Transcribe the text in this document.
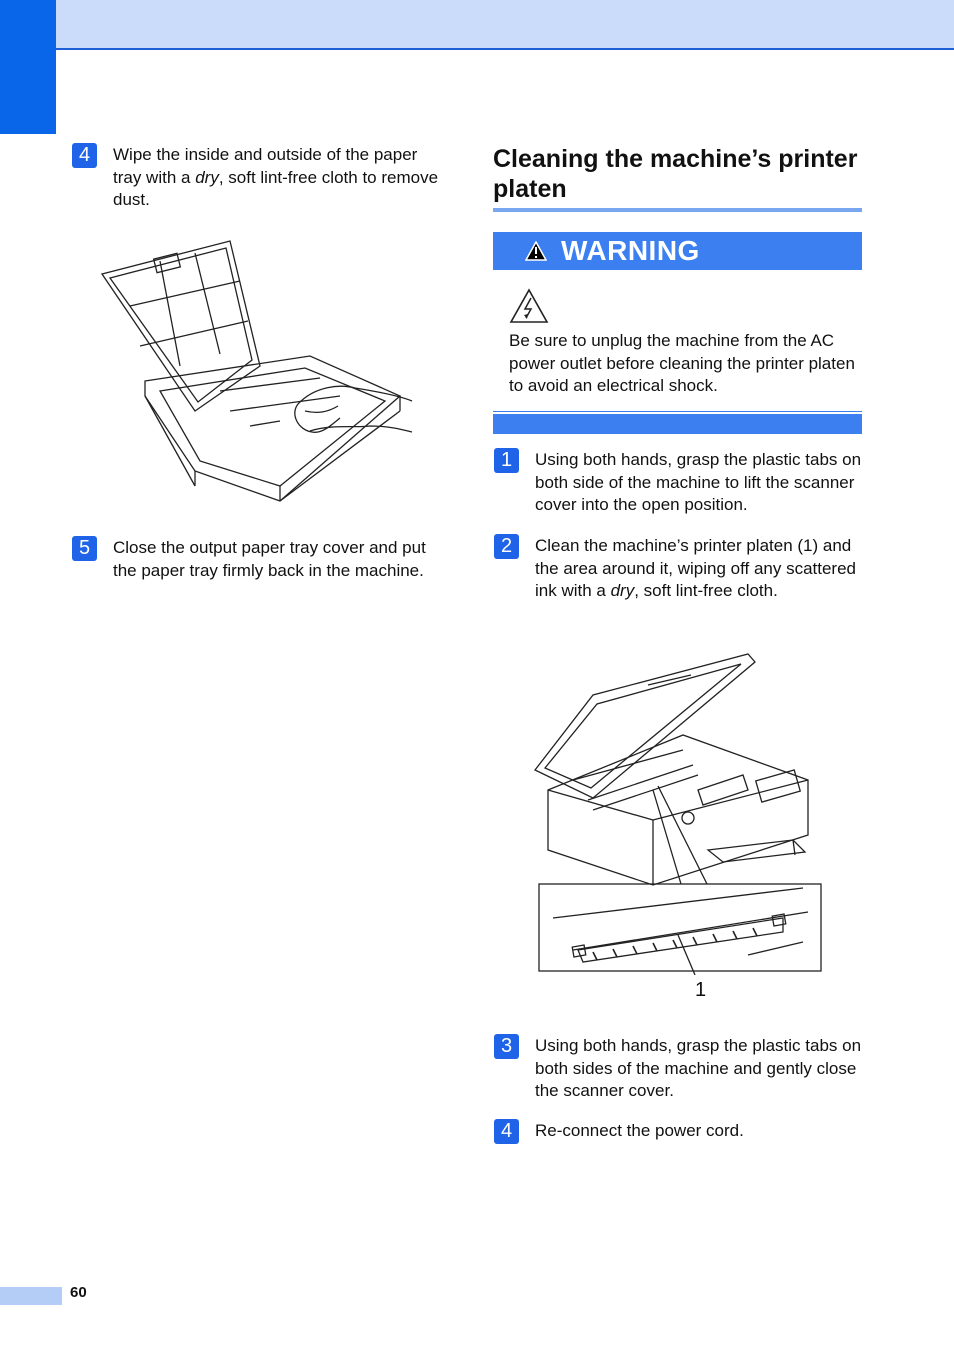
4	Wipe the inside and outside of the paper tray with a dry, soft lint-free cloth to remove dust.
5	Close the output paper tray cover and put the paper tray firmly back in the machine.
Cleaning the machine’s printer platen
WARNING
Be sure to unplug the machine from the AC power outlet before cleaning the printer platen to avoid an electrical shock.
1	Using both hands, grasp the plastic tabs on both side of the machine to lift the scanner cover into the open position.
2	Clean the machine’s printer platen (1) and the area around it, wiping off any scattered ink with a dry, soft lint-free cloth.
1
3	Using both hands, grasp the plastic tabs on both sides of the machine and gently close the scanner cover.
4	Re-connect the power cord.
60
